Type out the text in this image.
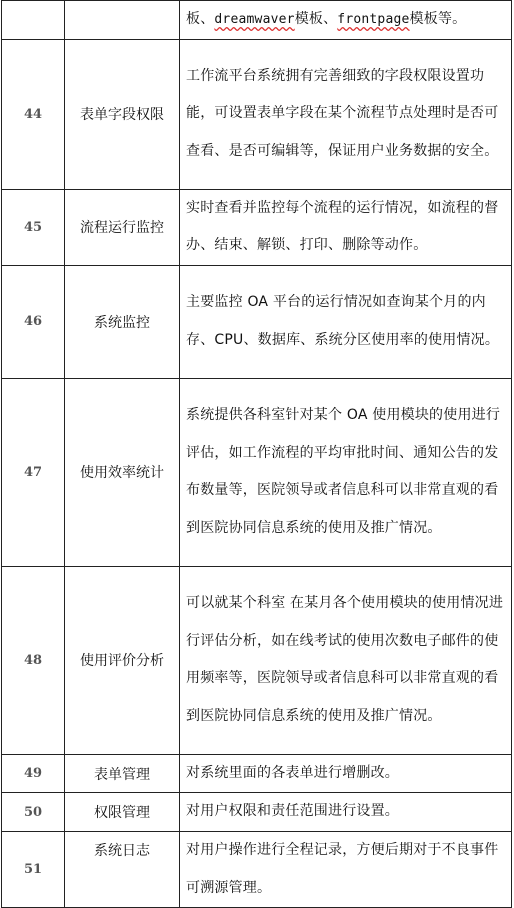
		板、dreamwaver模板、frontpage模板等。
44	表单字段权限	工作流平台系统拥有完善细致的字段权限设置功能，可设置表单字段在某个流程节点处理时是否可查看、是否可编辑等，保证用户业务数据的安全。
45	流程运行监控	实时查看并监控每个流程的运行情况，如流程的督办、结束、解锁、打印、删除等动作。
46	系统监控	主要监控 OA 平台的运行情况如查询某个月的内存、CPU、数据库、系统分区使用率的使用情况。
47	使用效率统计	系统提供各科室针对某个 OA 使用模块的使用进行评估，如工作流程的平均审批时间、通知公告的发布数量等，医院领导或者信息科可以非常直观的看到医院协同信息系统的使用及推广情况。
48	使用评价分析	可以就某个科室 在某月各个使用模块的使用情况进行评估分析，如在线考试的使用次数电子邮件的使用频率等，医院领导或者信息科可以非常直观的看到医院协同信息系统的使用及推广情况。
49	表单管理	对系统里面的各表单进行增删改。
50	权限管理	对用户权限和责任范围进行设置。
51	系统日志	对用户操作进行全程记录，方便后期对于不良事件可溯源管理。
